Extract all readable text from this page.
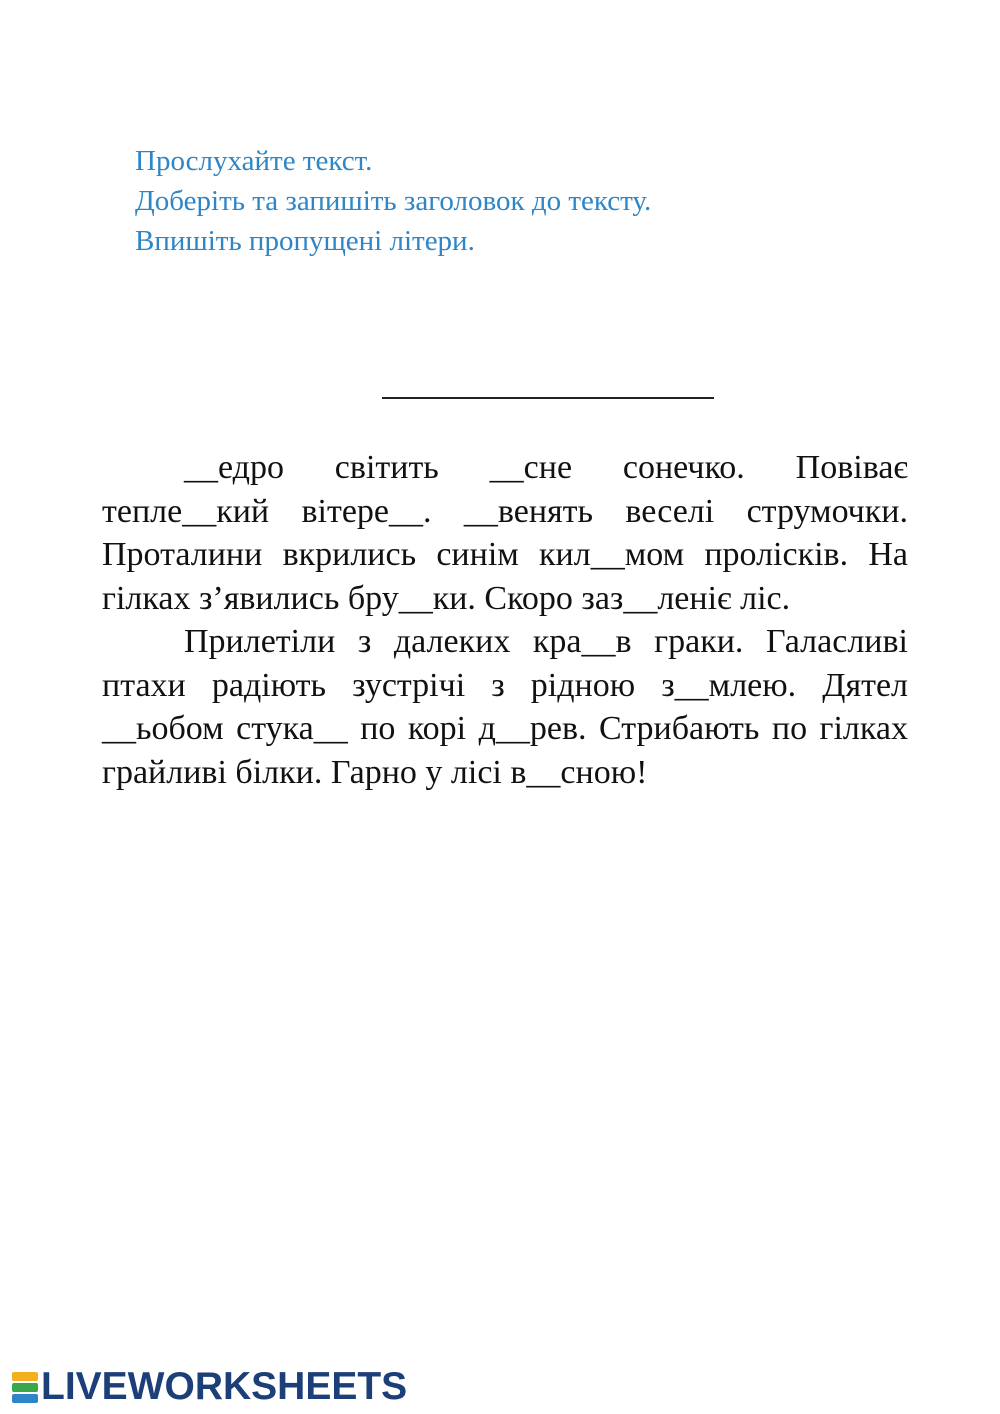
Прослухайте текст.
Доберіть та запишіть заголовок до тексту.
Впишіть пропущені літери.

__едро світить __сне сонечко. Повіває тепле__кий вітере__. __венять веселі струмочки. Проталини вкрились синім кил__мом пролісків. На гілках з’явились бру__ки. Скоро заз__леніє ліс.

Прилетіли з далеких кра__в граки. Галасливі птахи радіють зустрічі з рідною з__млею. Дятел __ьобом стука__ по корі д__рев. Стрибають по гілках грайливі білки. Гарно у лісі в__сною!

LIVEWORKSHEETS
